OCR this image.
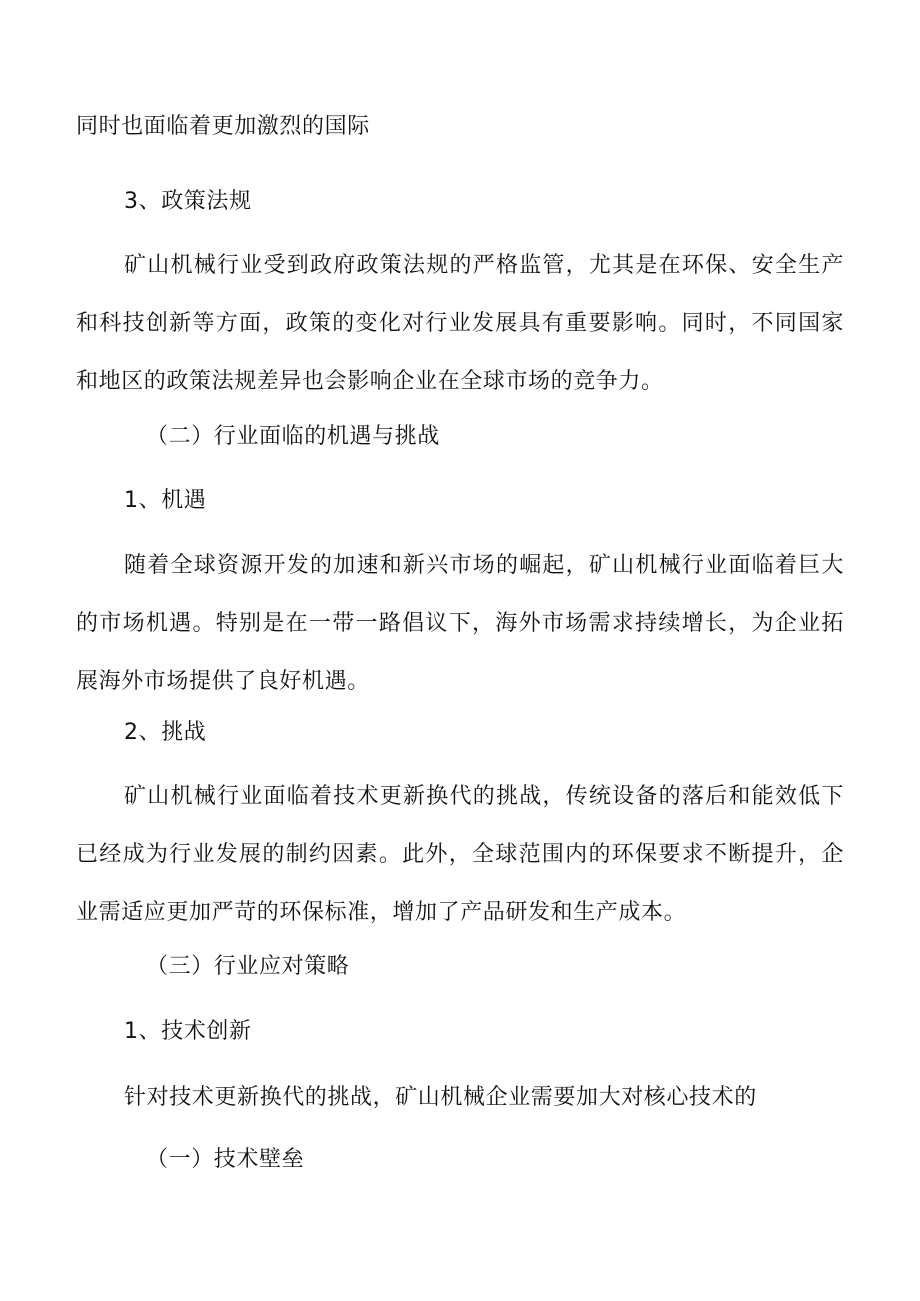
同时也面临着更加激烈的国际
3、政策法规
矿山机械行业受到政府政策法规的严格监管，尤其是在环保、安全生产和科技创新等方面，政策的变化对行业发展具有重要影响。同时，不同国家和地区的政策法规差异也会影响企业在全球市场的竞争力。
（二）行业面临的机遇与挑战
1、机遇
随着全球资源开发的加速和新兴市场的崛起，矿山机械行业面临着巨大的市场机遇。特别是在一带一路倡议下，海外市场需求持续增长，为企业拓展海外市场提供了良好机遇。
2、挑战
矿山机械行业面临着技术更新换代的挑战，传统设备的落后和能效低下已经成为行业发展的制约因素。此外，全球范围内的环保要求不断提升，企业需适应更加严苛的环保标准，增加了产品研发和生产成本。
（三）行业应对策略
1、技术创新
针对技术更新换代的挑战，矿山机械企业需要加大对核心技术的
（一）技术壁垒
